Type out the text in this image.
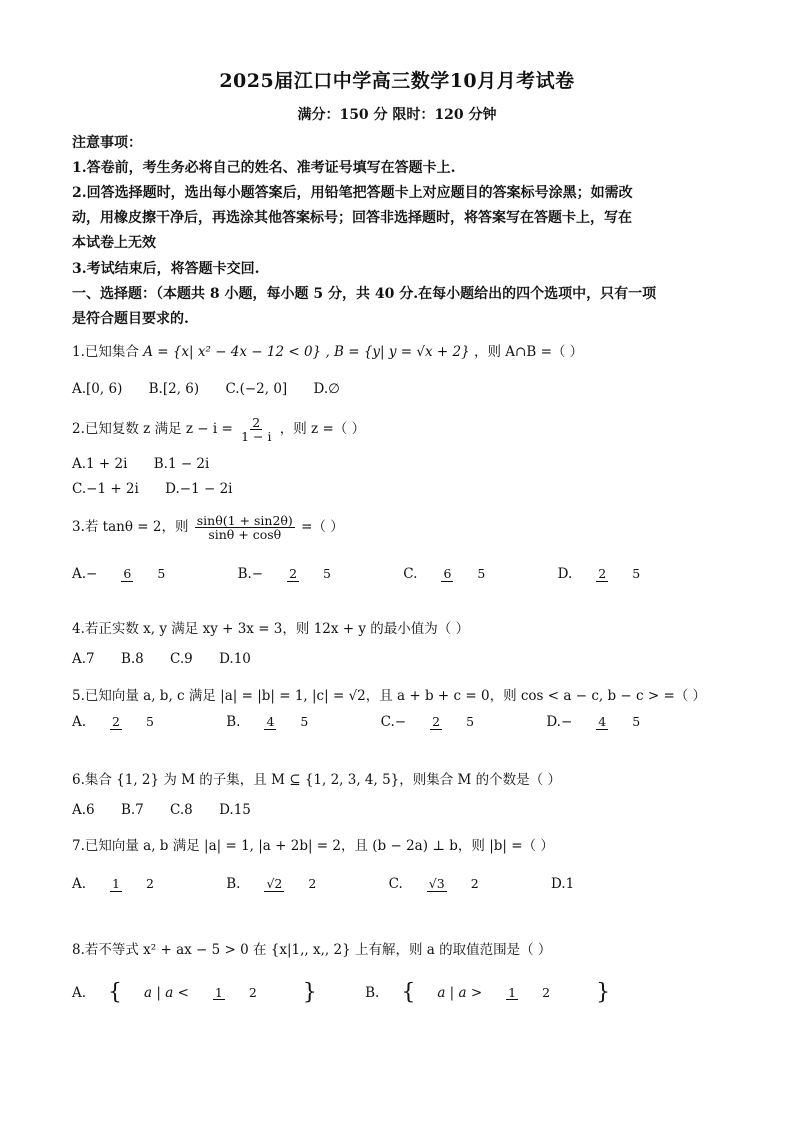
2025届江口中学高三数学10月月考试卷
满分：150 分 限时：120 分钟
注意事项：
1.答卷前，考生务必将自己的姓名、准考证号填写在答题卡上.
2.回答选择题时，选出每小题答案后，用铅笔把答题卡上对应题目的答案标号涂黑；如需改
动，用橡皮擦干净后，再选涂其他答案标号；回答非选择题时，将答案写在答题卡上，写在
本试卷上无效
3.考试结束后，将答题卡交回.
一、选择题：（本题共 8 小题，每小题 5 分，共 40 分.在每小题给出的四个选项中，只有一项
是符合题目要求的.
1.已知集合 A = {x| x² − 4x − 12 < 0} , B = {y| y = √x + 2} ，则 A∩B =（ ）
A.[0, 6) B.[2, 6) C.(−2, 0] D.∅
2.已知复数 z 满足 $z - i = \frac{2}{1 - i}$ ，则 z =（ ）
A.1 + 2i B.1 − 2i
C.−1 + 2i D.−1 − 2i
3.若 tanθ = 2，则 $\frac{\sin\theta(1 + \sin 2\theta)}{\sin\theta + \cos\theta}$ =（ ）
A.− 6 5	B.− 2 5	C. 6 5	D. 2 5
4.若正实数 x, y 满足 xy + 3x = 3，则 12x + y 的最小值为（ ）
A.7 B.8 C.9 D.10
5.已知向量 a, b, c 满足 |a| = |b| = 1, |c| = √2，且 a + b + c = 0，则 cos < a − c, b − c > =（ ）
A. 2 5	B. 4 5	C.− 2 5	D.− 4 5
6.集合 {1, 2} 为 M 的子集，且 M ⊆ {1, 2, 3, 4, 5}，则集合 M 的个数是（ ）
A.6 B.7 C.8 D.15
7.已知向量 a, b 满足 |a| = 1, |a + 2b| = 2，且 (b − 2a) ⊥ b，则 |b| =（ ）
A. 1 2	B. √2 2	C. √3 2	D.1
8.若不等式 x² + ax − 5 > 0 在 {x|1,, x,, 2} 上有解，则 a 的取值范围是（ ）
A. { a | a < 1 2 }	B. { a | a > 1 2 }
